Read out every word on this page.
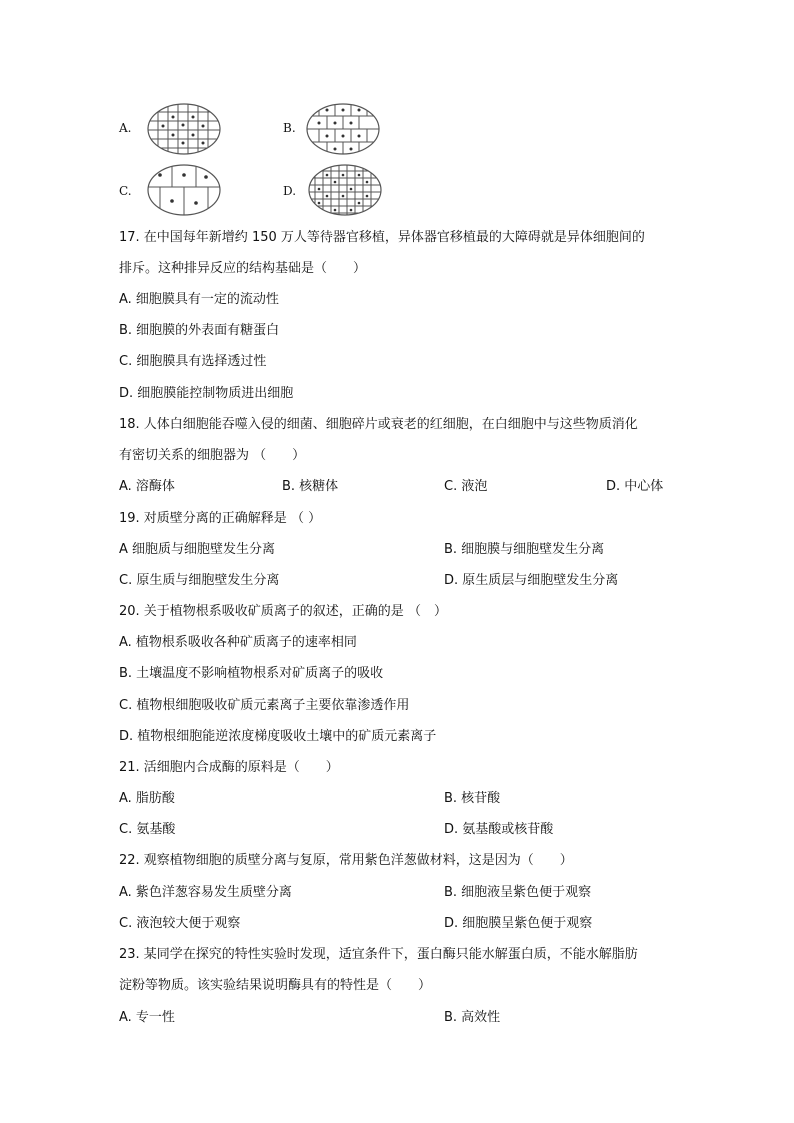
A.	B.
C.	D.
17. 在中国每年新增约 150 万人等待器官移植，异体器官移植最的大障碍就是异体细胞间的
排斥。这种排异反应的结构基础是（　　）
A. 细胞膜具有一定的流动性
B. 细胞膜的外表面有糖蛋白
C. 细胞膜具有选择透过性
D. 细胞膜能控制物质进出细胞
18. 人体白细胞能吞噬入侵的细菌、细胞碎片或衰老的红细胞，在白细胞中与这些物质消化
有密切关系的细胞器为 （　　）
A. 溶酶体	B. 核糖体	C. 液泡	D. 中心体
19. 对质壁分离的正确解释是 （ ）
A 细胞质与细胞壁发生分离	B. 细胞膜与细胞壁发生分离
C. 原生质与细胞壁发生分离	D. 原生质层与细胞壁发生分离
20. 关于植物根系吸收矿质离子的叙述，正确的是 （　）
A. 植物根系吸收各种矿质离子的速率相同
B. 土壤温度不影响植物根系对矿质离子的吸收
C. 植物根细胞吸收矿质元素离子主要依靠渗透作用
D. 植物根细胞能逆浓度梯度吸收土壤中的矿质元素离子
21. 活细胞内合成酶的原料是（　　）
A. 脂肪酸	B. 核苷酸
C. 氨基酸	D. 氨基酸或核苷酸
22. 观察植物细胞的质壁分离与复原，常用紫色洋葱做材料，这是因为（　　）
A. 紫色洋葱容易发生质壁分离	B. 细胞液呈紫色便于观察
C. 液泡较大便于观察	D. 细胞膜呈紫色便于观察
23. 某同学在探究的特性实验时发现，适宜条件下，蛋白酶只能水解蛋白质，不能水解脂肪
淀粉等物质。该实验结果说明酶具有的特性是（　　）
A. 专一性	B. 高效性
